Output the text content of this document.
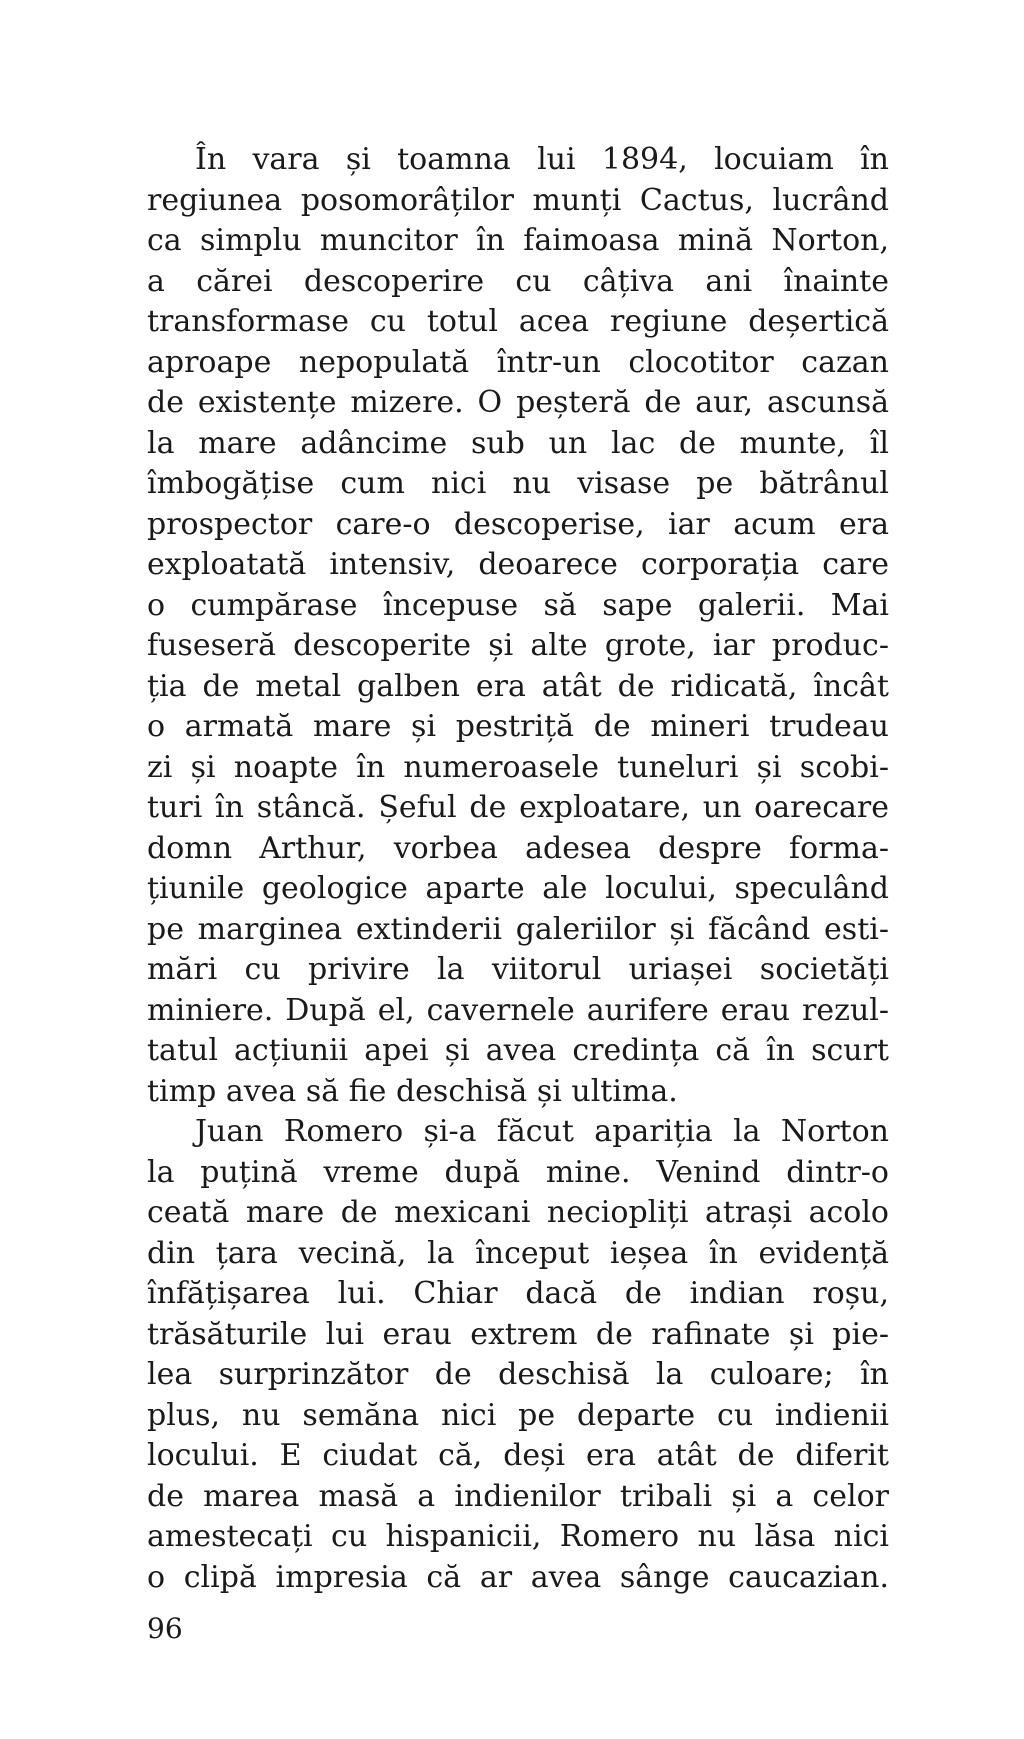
În vara și toamna lui 1894, locuiam în
regiunea posomorâților munți Cactus, lucrând
ca simplu muncitor în faimoasa mină Norton,
a cărei descoperire cu câțiva ani înainte
transformase cu totul acea regiune deșertică
aproape nepopulată într-un clocotitor cazan
de existențe mizere. O peșteră de aur, ascunsă
la mare adâncime sub un lac de munte, îl
îmbogățise cum nici nu visase pe bătrânul
prospector care-o descoperise, iar acum era
exploatată intensiv, deoarece corporația care
o cumpărase începuse să sape galerii. Mai
fuseseră descoperite și alte grote, iar produc-
ția de metal galben era atât de ridicată, încât
o armată mare și pestriță de mineri trudeau
zi și noapte în numeroasele tuneluri și scobi-
turi în stâncă. Șeful de exploatare, un oarecare
domn Arthur, vorbea adesea despre forma-
țiunile geologice aparte ale locului, speculând
pe marginea extinderii galeriilor și făcând esti-
mări cu privire la viitorul uriașei societăți
miniere. După el, cavernele aurifere erau rezul-
tatul acțiunii apei și avea credința că în scurt
timp avea să fie deschisă și ultima.
Juan Romero și-a făcut apariția la Norton
la puțină vreme după mine. Venind dintr-o
ceată mare de mexicani neciopliți atrași acolo
din țara vecină, la început ieșea în evidență
înfățișarea lui. Chiar dacă de indian roșu,
trăsăturile lui erau extrem de rafinate și pie-
lea surprinzător de deschisă la culoare; în
plus, nu semăna nici pe departe cu indienii
locului. E ciudat că, deși era atât de diferit
de marea masă a indienilor tribali și a celor
amestecați cu hispanicii, Romero nu lăsa nici
o clipă impresia că ar avea sânge caucazian.
96
